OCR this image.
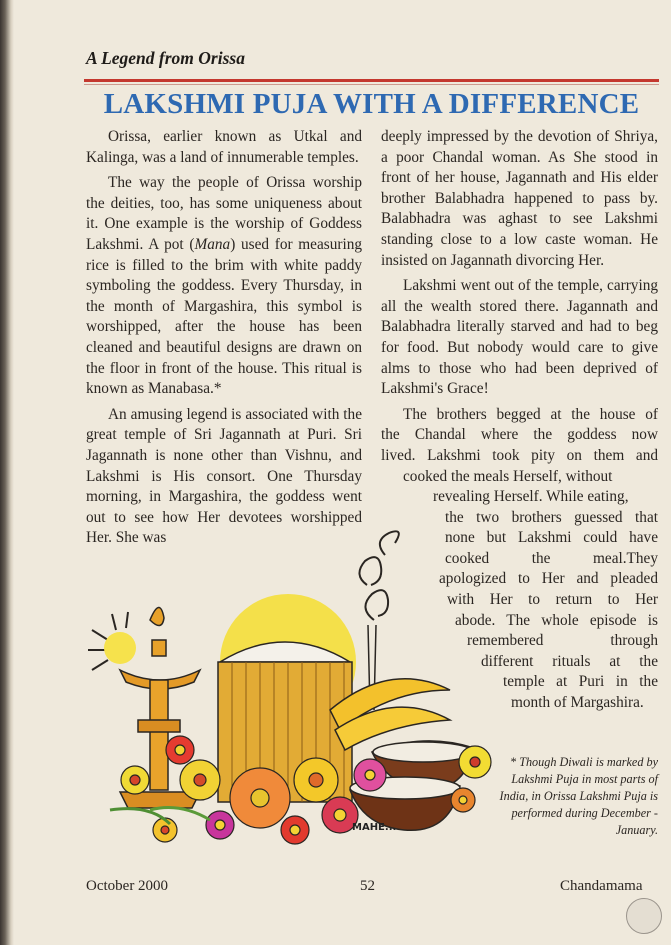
A Legend from Orissa
LAKSHMI PUJA WITH A DIFFERENCE

Orissa, earlier known as Utkal and Kalinga, was a land of innumerable temples.

The way the people of Orissa worship the deities, too, has some uniqueness about it. One example is the worship of Goddess Lakshmi. A pot (Mana) used for measuring rice is filled to the brim with white paddy symboling the goddess. Every Thursday, in the month of Margashira, this symbol is worshipped, after the house has been cleaned and beautiful designs are drawn on the floor in front of the house. This ritual is known as Manabasa.*

An amusing legend is associated with the great temple of Sri Jagannath at Puri. Sri Jagannath is none other than Vishnu, and Lakshmi is His consort. One Thursday morning, in Margashira, the goddess went out to see how Her devotees worshipped Her. She was

deeply impressed by the devotion of Shriya, a poor Chandal woman. As She stood in front of her house, Jagannath and His elder brother Balabhadra happened to pass by. Balabhadra was aghast to see Lakshmi standing close to a low caste woman. He insisted on Jagannath divorcing Her.

Lakshmi went out of the temple, carrying all the wealth stored there. Jagannath and Balabhadra literally starved and had to beg for food. But nobody would care to give alms to those who had been deprived of Lakshmi's Grace!

The brothers begged at the house of
the Chandal where the goddess now
lived. Lakshmi took pity on them and
cooked the meals Herself, without
revealing Herself. While eating,
the two brothers guessed that
none but Lakshmi could have
cooked the meal.They
apologized to Her and pleaded
with Her to return to Her
abode. The whole episode is
remembered through
different rituals at the
temple at Puri in the
month of Margashira.
MAHE...

* Though Diwali is marked by Lakshmi Puja in most parts of India, in Orissa Lakshmi Puja is performed during December - January.

October 2000	52	Chandamama
